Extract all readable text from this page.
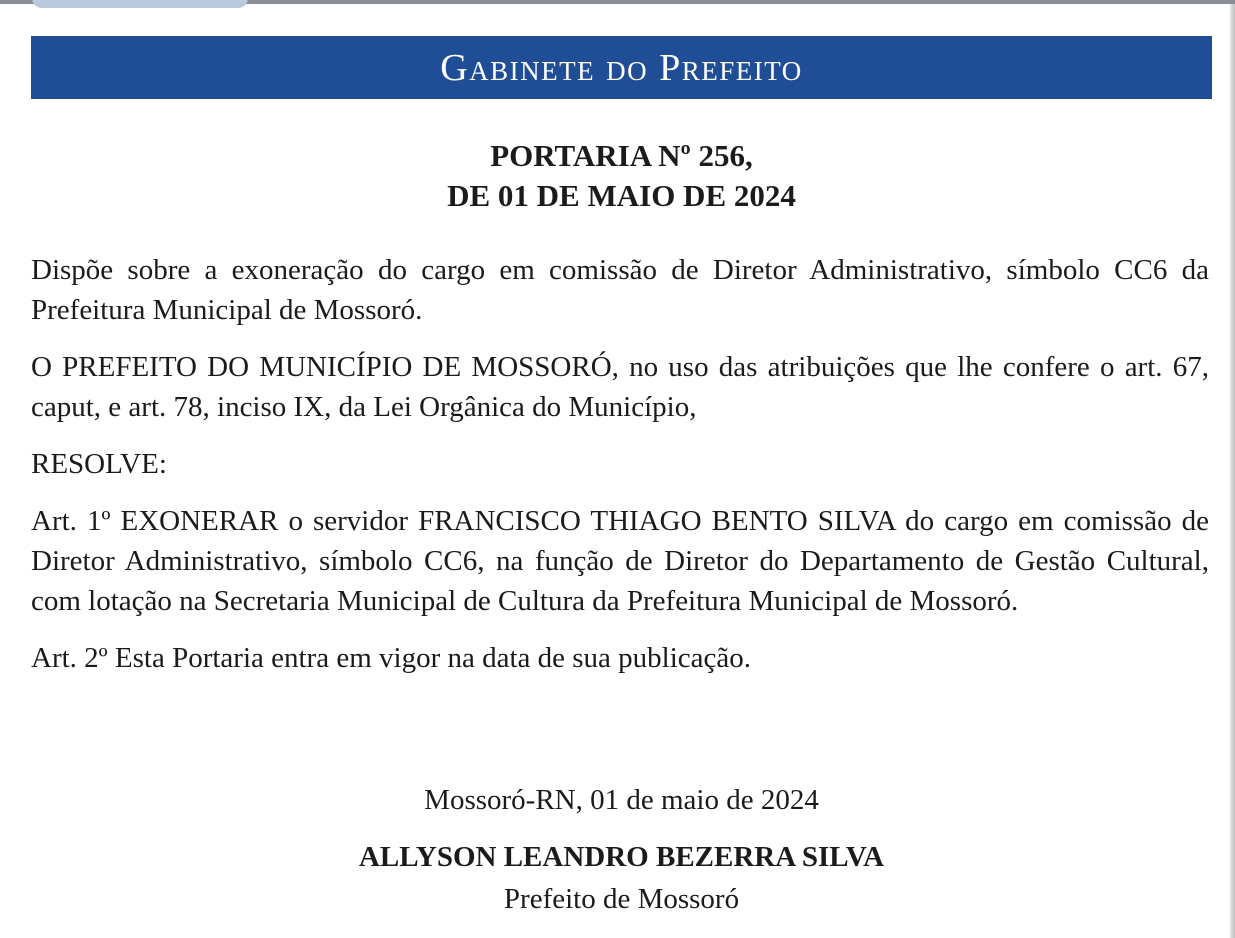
Gabinete do Prefeito
PORTARIA Nº 256,
DE 01 DE MAIO DE 2024

Dispõe sobre a exoneração do cargo em comissão de Diretor Administrativo, símbolo CC6 da Prefeitura Municipal de Mossoró.

O PREFEITO DO MUNICÍPIO DE MOSSORÓ, no uso das atribuições que lhe confere o art. 67, caput, e art. 78, inciso IX, da Lei Orgânica do Município,

RESOLVE:

Art. 1º EXONERAR o servidor FRANCISCO THIAGO BENTO SILVA do cargo em comissão de Diretor Administrativo, símbolo CC6, na função de Diretor do Departamento de Gestão Cultural, com lotação na Secretaria Municipal de Cultura da Prefeitura Municipal de Mossoró.

Art. 2º Esta Portaria entra em vigor na data de sua publicação.

Mossoró-RN, 01 de maio de 2024
ALLYSON LEANDRO BEZERRA SILVA
Prefeito de Mossoró
